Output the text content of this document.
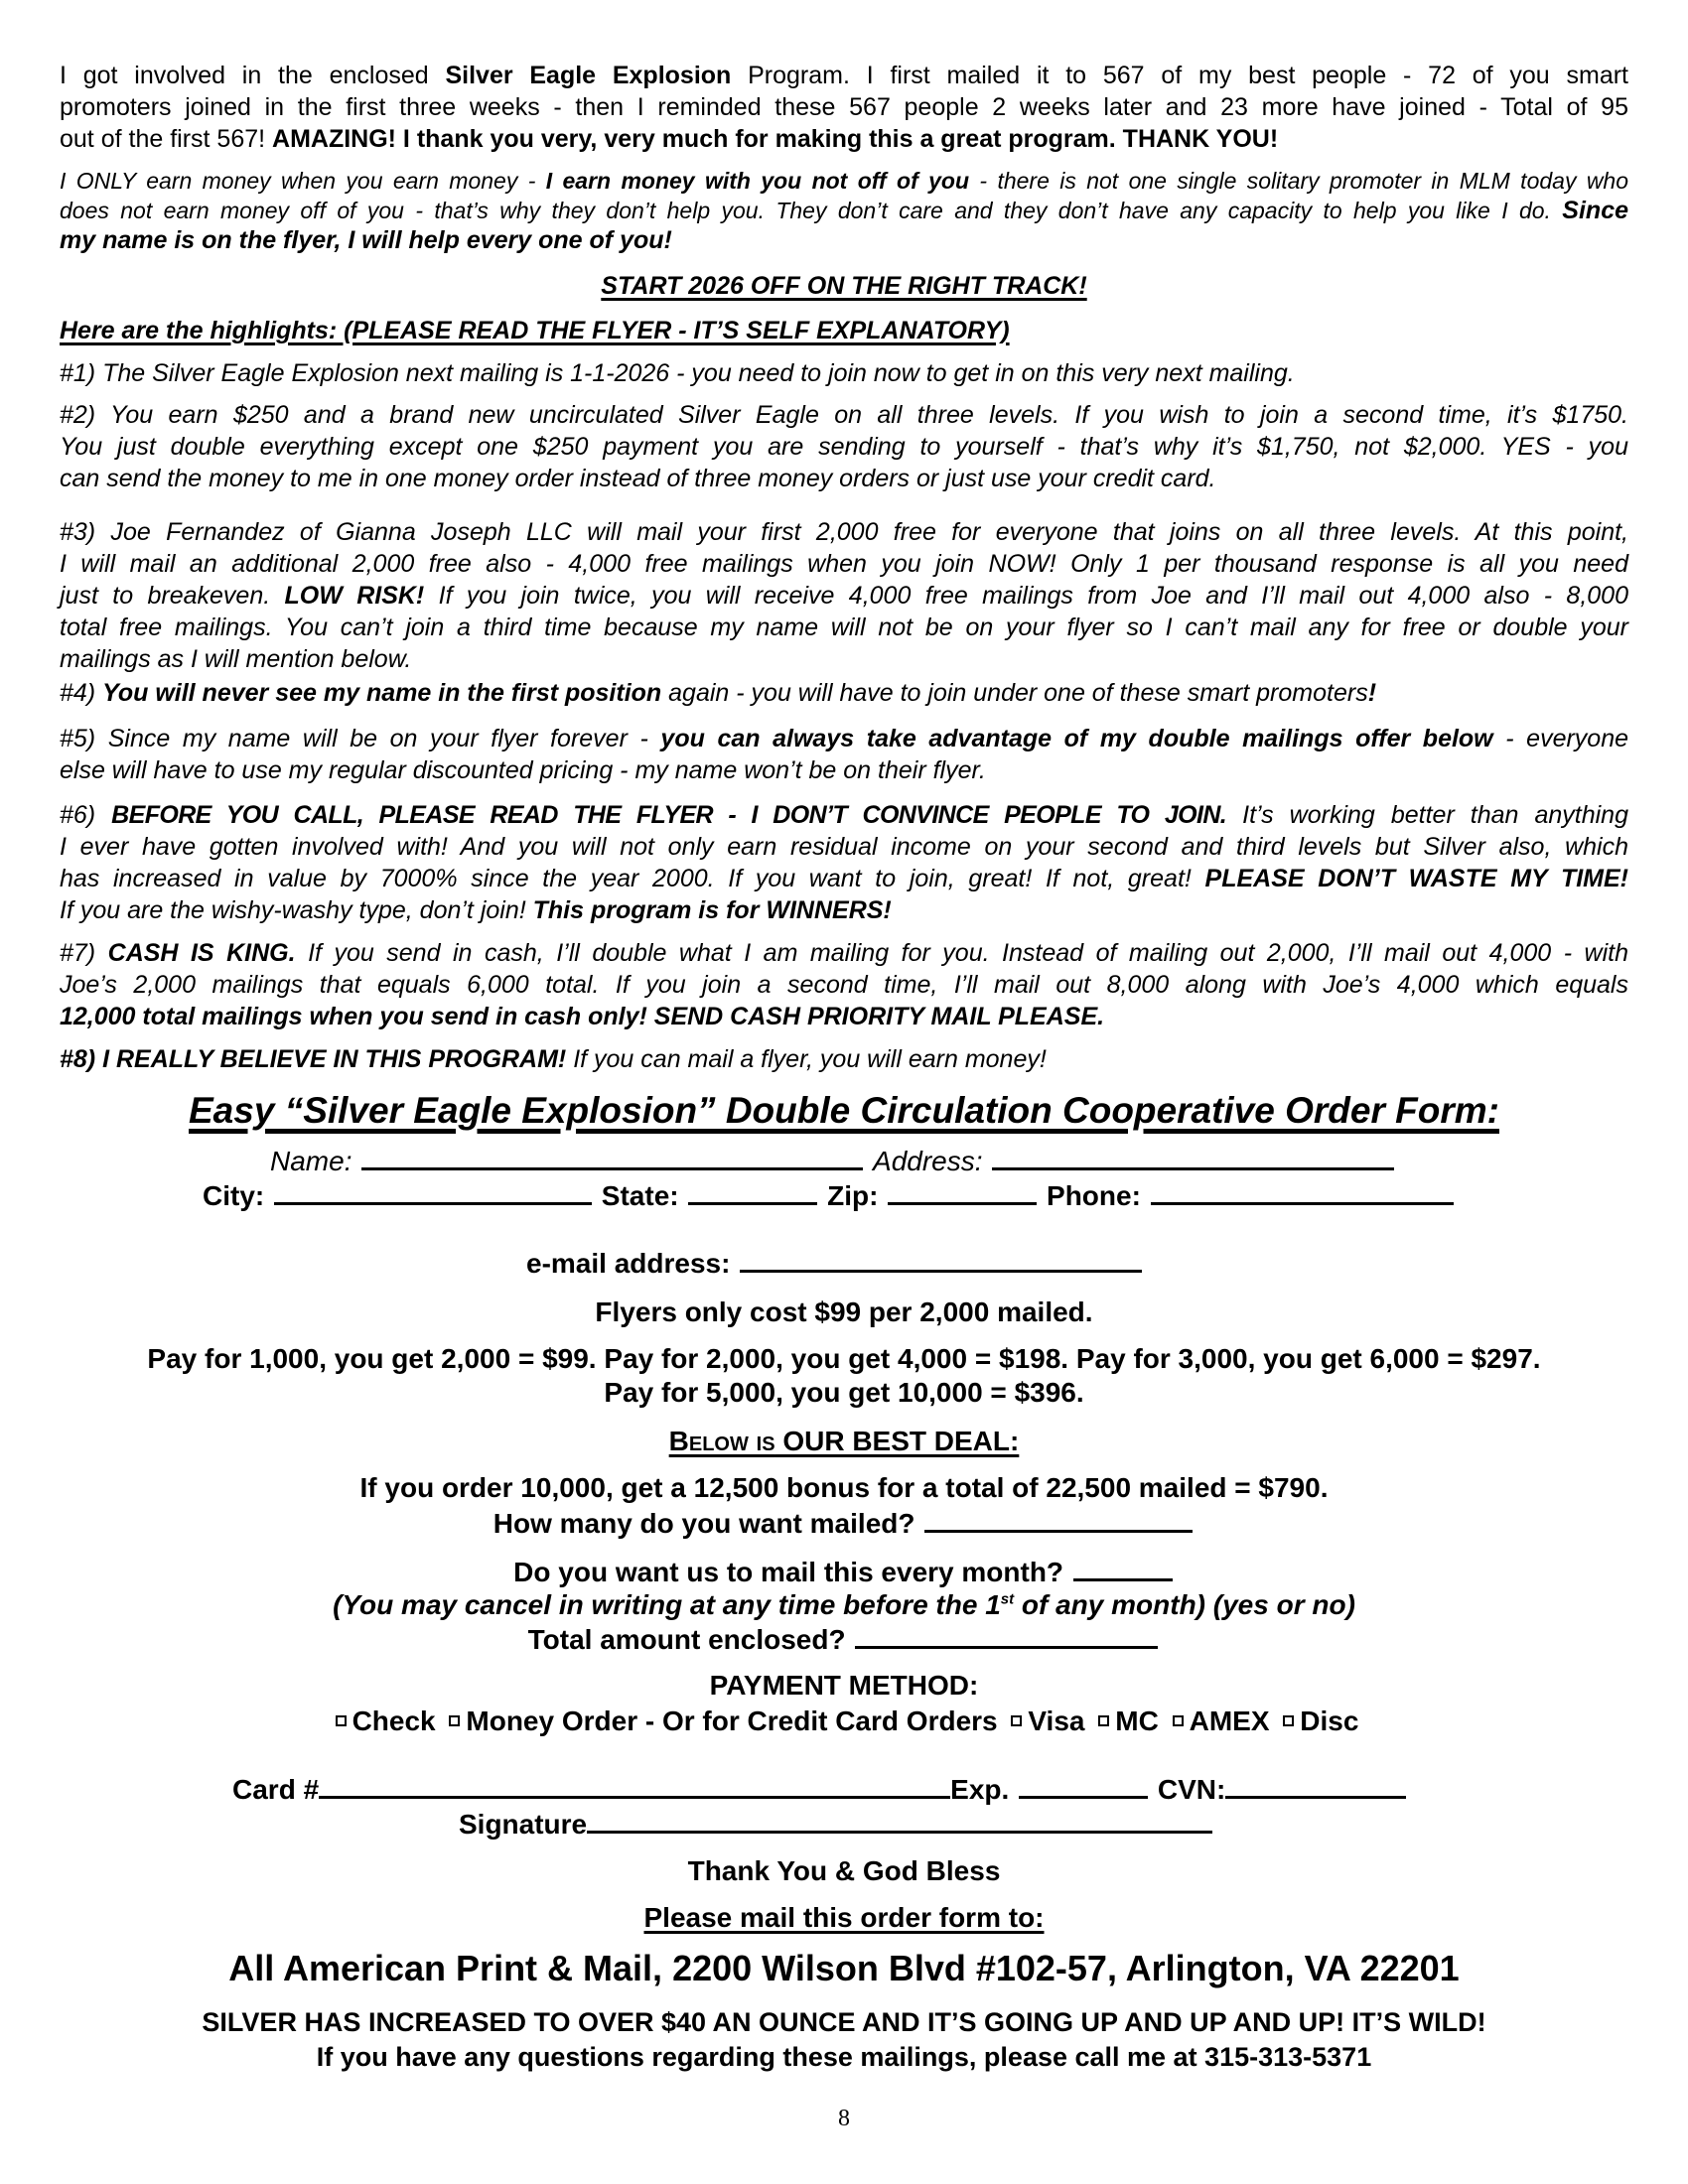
I got involved in the enclosed Silver Eagle Explosion Program. I first mailed it to 567 of my best people - 72 of you smart
promoters joined in the first three weeks - then I reminded these 567 people 2 weeks later and 23 more have joined - Total of 95
out of the first 567! AMAZING! I thank you very, very much for making this a great program. THANK YOU!
I ONLY earn money when you earn money - I earn money with you not off of you - there is not one single solitary promoter in MLM today who
does not earn money off of you - that’s why they don’t help you. They don’t care and they don’t have any capacity to help you like I do. Since
my name is on the flyer, I will help every one of you!
START 2026 OFF ON THE RIGHT TRACK!
Here are the highlights: (PLEASE READ THE FLYER - IT’S SELF EXPLANATORY)
#1) The Silver Eagle Explosion next mailing is 1-1-2026 - you need to join now to get in on this very next mailing.
#2) You earn $250 and a brand new uncirculated Silver Eagle on all three levels. If you wish to join a second time, it’s $1750.
You just double everything except one $250 payment you are sending to yourself - that’s why it’s $1,750, not $2,000. YES - you
can send the money to me in one money order instead of three money orders or just use your credit card.
#3) Joe Fernandez of Gianna Joseph LLC will mail your first 2,000 free for everyone that joins on all three levels. At this point,
I will mail an additional 2,000 free also - 4,000 free mailings when you join NOW! Only 1 per thousand response is all you need
just to breakeven. LOW RISK! If you join twice, you will receive 4,000 free mailings from Joe and I’ll mail out 4,000 also - 8,000
total free mailings. You can’t join a third time because my name will not be on your flyer so I can’t mail any for free or double your
mailings as I will mention below.
#4) You will never see my name in the first position again - you will have to join under one of these smart promoters!
#5) Since my name will be on your flyer forever - you can always take advantage of my double mailings offer below - everyone
else will have to use my regular discounted pricing - my name won’t be on their flyer.
#6) BEFORE YOU CALL, PLEASE READ THE FLYER - I DON’T CONVINCE PEOPLE TO JOIN. It’s working better than anything
I ever have gotten involved with! And you will not only earn residual income on your second and third levels but Silver also, which
has increased in value by 7000% since the year 2000. If you want to join, great! If not, great! PLEASE DON’T WASTE MY TIME!
If you are the wishy-washy type, don’t join! This program is for WINNERS!
#7) CASH IS KING. If you send in cash, I’ll double what I am mailing for you. Instead of mailing out 2,000, I’ll mail out 4,000 - with
Joe’s 2,000 mailings that equals 6,000 total. If you join a second time, I’ll mail out 8,000 along with Joe’s 4,000 which equals
12,000 total mailings when you send in cash only! SEND CASH PRIORITY MAIL PLEASE.
#8) I REALLY BELIEVE IN THIS PROGRAM! If you can mail a flyer, you will earn money!
Easy “Silver Eagle Explosion” Double Circulation Cooperative Order Form:
Name:	Address:
City:	State:	Zip:	Phone:
e-mail address:
Flyers only cost $99 per 2,000 mailed.
Pay for 1,000, you get 2,000 = $99. Pay for 2,000, you get 4,000 = $198. Pay for 3,000, you get 6,000 = $297.
Pay for 5,000, you get 10,000 = $396.
Below is OUR BEST DEAL:
If you order 10,000, get a 12,500 bonus for a total of 22,500 mailed = $790.
How many do you want mailed?
Do you want us to mail this every month?
(You may cancel in writing at any time before the 1st of any month) (yes or no)
Total amount enclosed?
PAYMENT METHOD:
Check Money Order - Or for Credit Card Orders Visa MC AMEX Disc
Card #	Exp.	CVN:
Signature
Thank You & God Bless
Please mail this order form to:
All American Print & Mail, 2200 Wilson Blvd #102-57, Arlington, VA 22201
SILVER HAS INCREASED TO OVER $40 AN OUNCE AND IT’S GOING UP AND UP AND UP! IT’S WILD!
If you have any questions regarding these mailings, please call me at 315-313-5371
8
